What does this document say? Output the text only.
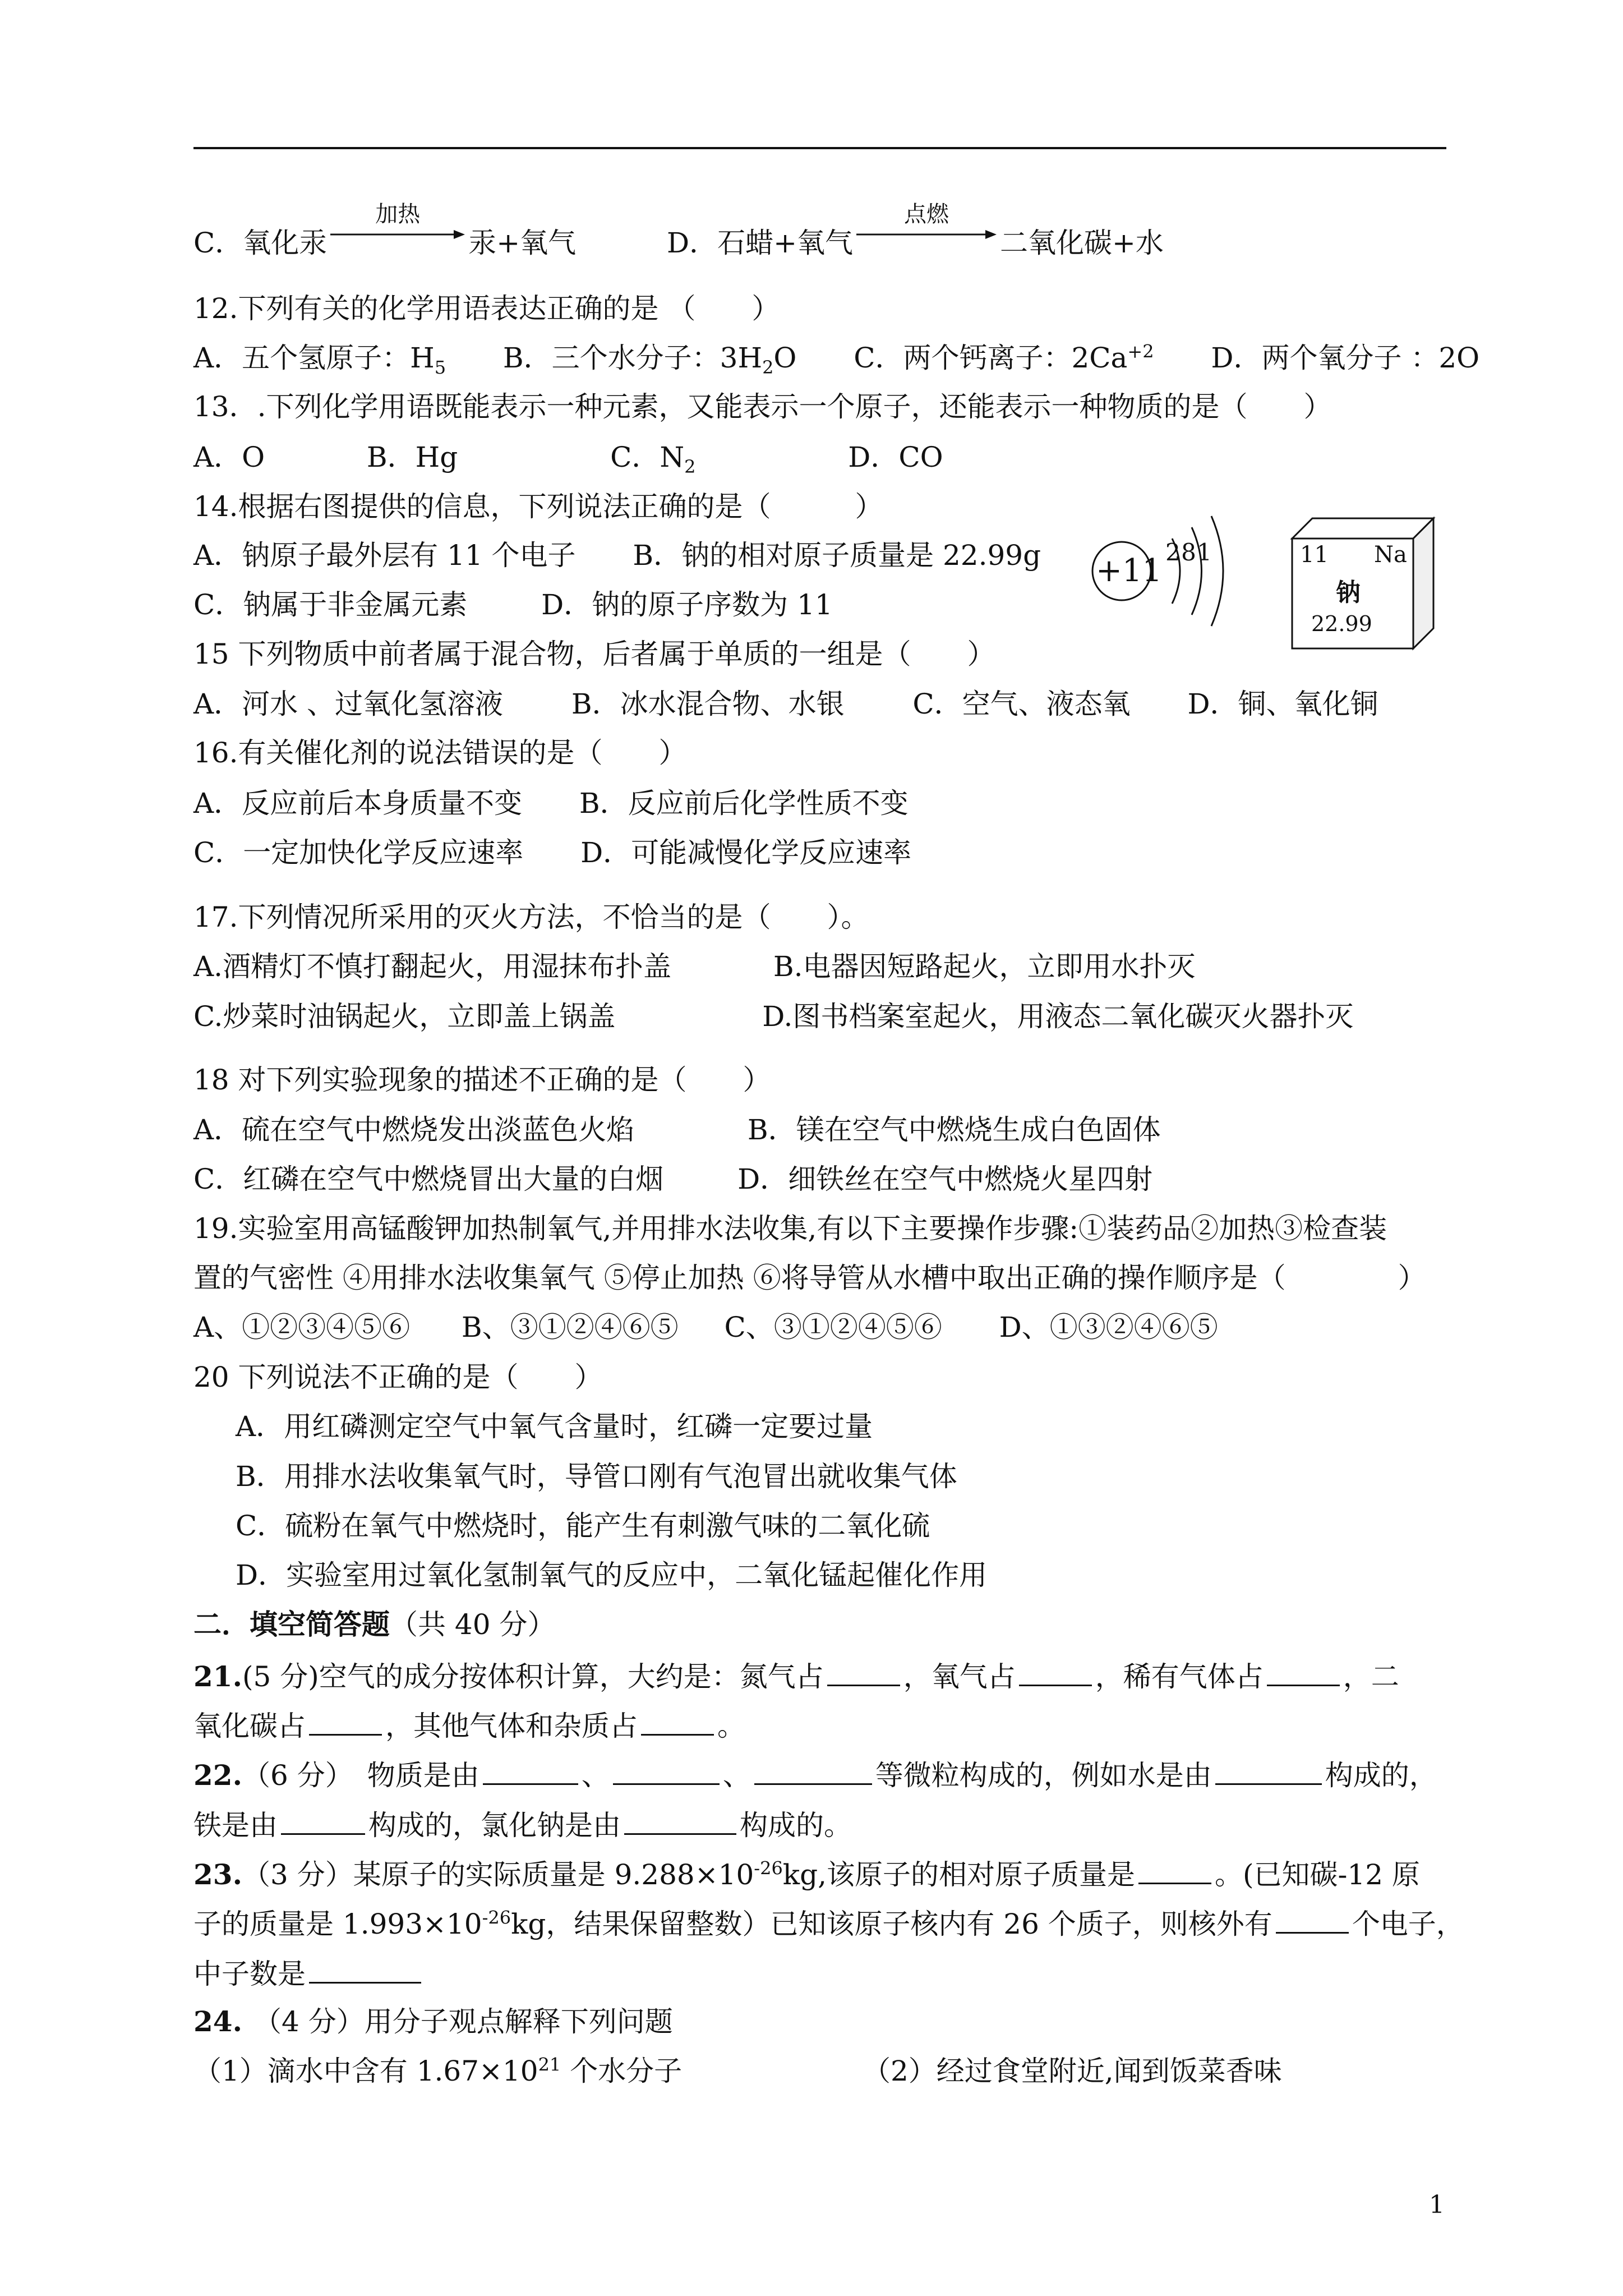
C．氧化汞
加热
汞+氧气	D．石蜡+氧气
点燃
二氧化碳+水
12.下列有关的化学用语表达正确的是 （　　）
A．五个氢原子：$H_5$ B．三个水分子：$3H_2O$ C．两个钙离子：$2Ca^{+2}$ D．两个氧分子 ：2O
13．.下列化学用语既能表示一种元素，又能表示一个原子，还能表示一种物质的是（　　）
A．O	B．Hg	C．$N_2$	D．CO
14.根据右图提供的信息，下列说法正确的是（　　　）
A．钠原子最外层有 11 个电子 B．钠的相对原子质量是 22.99g
C．钠属于非金属元素	D．钠的原子序数为 11
+11
2 8 1	11 Na
钠
22.99
15 下列物质中前者属于混合物，后者属于单质的一组是（　　）
A．河水 、过氧化氢溶液 B．冰水混合物、水银 C．空气、液态氧 D．铜、氧化铜
16.有关催化剂的说法错误的是（　　）
A．反应前后本身质量不变 B．反应前后化学性质不变
C．一定加快化学反应速率 D．可能减慢化学反应速率
17.下列情况所采用的灭火方法，不恰当的是（　　）。
A.酒精灯不慎打翻起火，用湿抹布扑盖	B.电器因短路起火，立即用水扑灭
C.炒菜时油锅起火，立即盖上锅盖	D.图书档案室起火，用液态二氧化碳灭火器扑灭
18 对下列实验现象的描述不正确的是（　　）
A．硫在空气中燃烧发出淡蓝色火焰	B．镁在空气中燃烧生成白色固体
C．红磷在空气中燃烧冒出大量的白烟	D．细铁丝在空气中燃烧火星四射
19.实验室用高锰酸钾加热制氧气,并用排水法收集,有以下主要操作步骤:①装药品②加热③检查装
置的气密性 ④用排水法收集氧气 ⑤停止加热 ⑥将导管从水槽中取出正确的操作顺序是（　　　　）
A、①②③④⑤⑥ B、③①②④⑥⑤ C、③①②④⑤⑥ D、①③②④⑥⑤
20 下列说法不正确的是（　　）
A．用红磷测定空气中氧气含量时，红磷一定要过量
B．用排水法收集氧气时，导管口刚有气泡冒出就收集气体
C．硫粉在氧气中燃烧时，能产生有刺激气味的二氧化硫
D．实验室用过氧化氢制氧气的反应中，二氧化锰起催化作用
二．填空简答题（共 40 分）
21.(5 分)空气的成分按体积计算，大约是：氮气占	，氧气占	，稀有气体占	，二
氧化碳占	，其他气体和杂质占	。
22.（6 分）　物质是由	、	、	等微粒构成的，例如水是由	构成的，
铁是由	构成的，氯化钠是由	构成的。
23.（3 分）某原子的实际质量是 $9.288\times 10^{-26}kg$,该原子的相对原子质量是	。(已知碳-12 原
子的质量是 $1.993\times 10^{-26}kg$，结果保留整数）已知该原子核内有 26 个质子，则核外有	个电子，
中子数是
24. （4 分）用分子观点解释下列问题
（1）滴水中含有 $1.67\times 10^{21}$ 个水分子	（2）经过食堂附近,闻到饭菜香味
1
